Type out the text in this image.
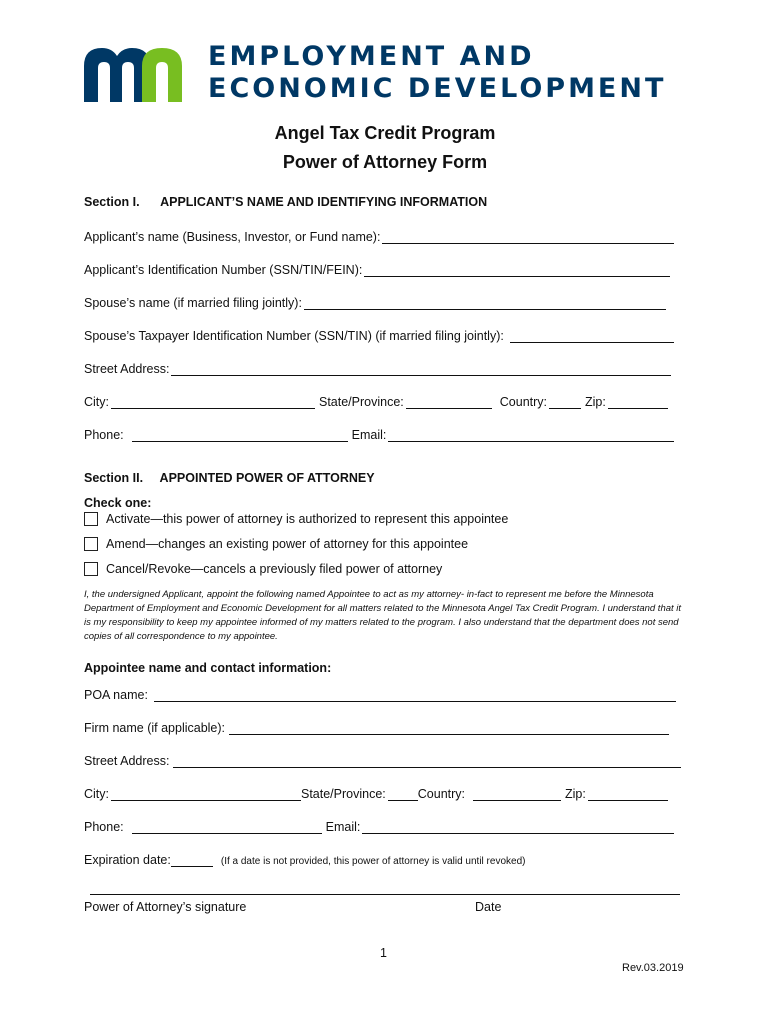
EMPLOYMENT AND
ECONOMIC DEVELOPMENT
Angel Tax Credit Program
Power of Attorney Form
Section I. APPLICANT’S NAME AND IDENTIFYING INFORMATION
Applicant’s name (Business, Investor, or Fund name):
Applicant’s Identification Number (SSN/TIN/FEIN):
Spouse’s name (if married filing jointly):
Spouse’s Taxpayer Identification Number (SSN/TIN) (if married filing jointly):
Street Address:
City:	State/Province:	Country:	Zip:
Phone:	Email:
Section II. APPOINTED POWER OF ATTORNEY
Check one:
Activate—this power of attorney is authorized to represent this appointee
Amend—changes an existing power of attorney for this appointee
Cancel/Revoke—cancels a previously filed power of attorney
I, the undersigned Applicant, appoint the following named Appointee to act as my attorney- in-fact to represent me before the Minnesota Department of Employment and Economic Development for all matters related to the Minnesota Angel Tax Credit Program. I understand that it is my responsibility to keep my appointee informed of my matters related to the program. I also understand that the department does not send copies of all correspondence to my appointee.
Appointee name and contact information:
POA name:
Firm name (if applicable):
Street Address:
City:	State/Province:	Country:	Zip:
Phone:	Email:
Expiration date:	(If a date is not provided, this power of attorney is valid until revoked)
Power of Attorney’s signature	Date
1
Rev.03.2019
